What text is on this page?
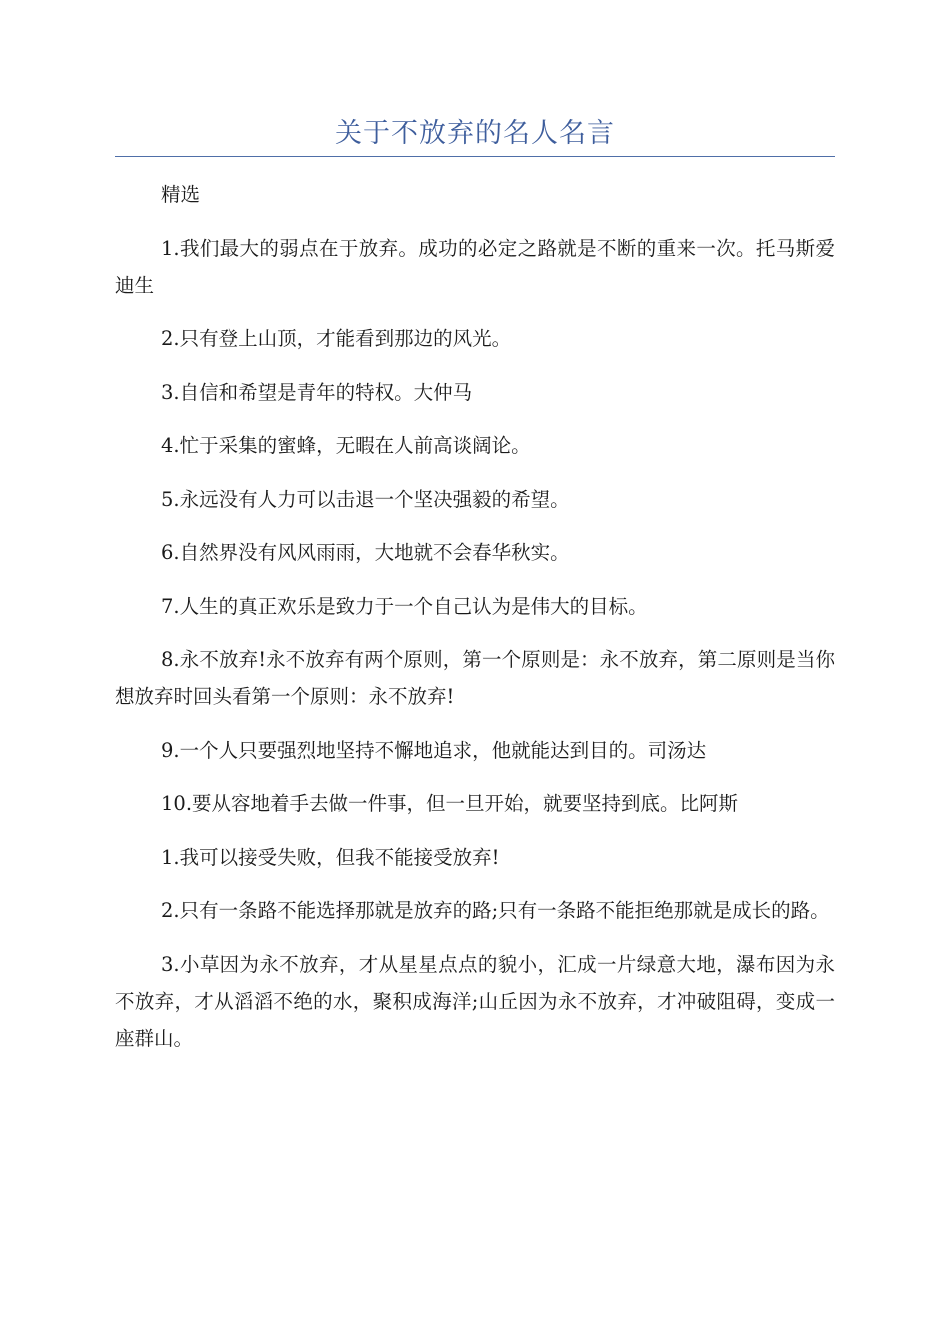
关于不放弃的名人名言

精选

1.我们最大的弱点在于放弃。成功的必定之路就是不断的重来一次。托马斯爱迪生

2.只有登上山顶，才能看到那边的风光。

3.自信和希望是青年的特权。大仲马

4.忙于采集的蜜蜂，无暇在人前高谈阔论。

5.永远没有人力可以击退一个坚决强毅的希望。

6.自然界没有风风雨雨，大地就不会春华秋实。

7.人生的真正欢乐是致力于一个自己认为是伟大的目标。

8.永不放弃!永不放弃有两个原则，第一个原则是：永不放弃，第二原则是当你想放弃时回头看第一个原则：永不放弃!

9.一个人只要强烈地坚持不懈地追求，他就能达到目的。司汤达

10.要从容地着手去做一件事，但一旦开始，就要坚持到底。比阿斯

1.我可以接受失败，但我不能接受放弃!

2.只有一条路不能选择那就是放弃的路;只有一条路不能拒绝那就是成长的路。

3.小草因为永不放弃，才从星星点点的貌小，汇成一片绿意大地，瀑布因为永不放弃，才从滔滔不绝的水，聚积成海洋;山丘因为永不放弃，才冲破阻碍，变成一座群山。
